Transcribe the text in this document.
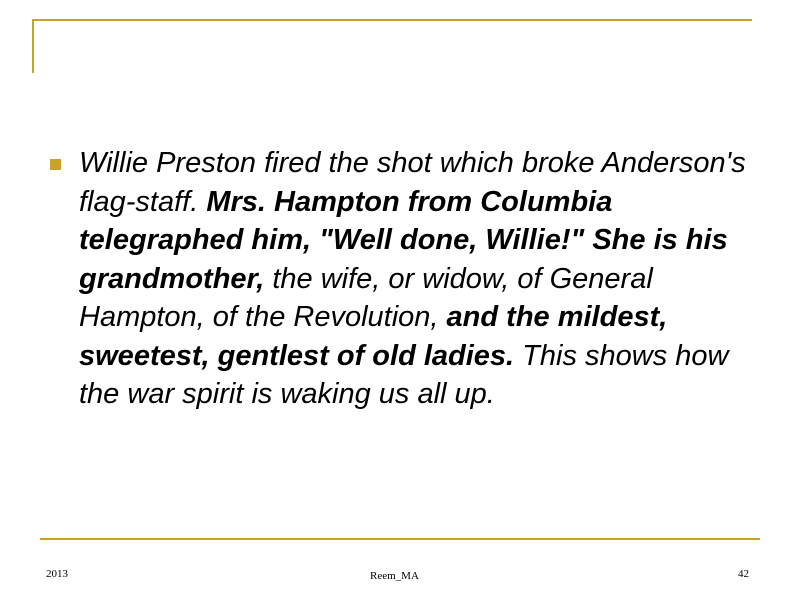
Willie Preston fired the shot which broke Anderson's flag-staff. Mrs. Hampton from Columbia telegraphed him, "Well done, Willie!" She is his grandmother, the wife, or widow, of General Hampton, of the Revolution, and the mildest, sweetest, gentlest of old ladies. This shows how the war spirit is waking us all up.

2013	Reem_MA	42
